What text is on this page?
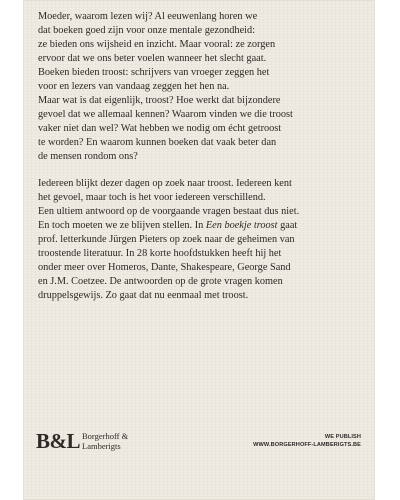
Moeder, waarom lezen wij? Al eeuwenlang horen we
dat boeken goed zijn voor onze mentale gezondheid:
ze bieden ons wijsheid en inzicht. Maar vooral: ze zorgen
ervoor dat we ons beter voelen wanneer het slecht gaat.
Boeken bieden troost: schrijvers van vroeger zeggen het
voor en lezers van vandaag zeggen het hen na.
Maar wat is dat eigenlijk, troost? Hoe werkt dat bijzondere
gevoel dat we allemaal kennen? Waarom vinden we die troost
vaker niet dan wel? Wat hebben we nodig om écht getroost
te worden? En waarom kunnen boeken dat vaak beter dan
de mensen rondom ons?
Iedereen blijkt dezer dagen op zoek naar troost. Iedereen kent
het gevoel, maar toch is het voor iedereen verschillend.
Een ultiem antwoord op de voorgaande vragen bestaat dus niet.
En toch moeten we ze blijven stellen. In Een boekje troost gaat
prof. letterkunde Jürgen Pieters op zoek naar de geheimen van
troostende literatuur. In 28 korte hoofdstukken heeft hij het
onder meer over Homeros, Dante, Shakespeare, George Sand
en J.M. Coetzee. De antwoorden op de grote vragen komen
druppelsgewijs. Zo gaat dat nu eenmaal met troost.
B&L Borgerhoff &
Lamberigts
WE PUBLISH
WWW.BORGERHOFF-LAMBERIGTS.BE
